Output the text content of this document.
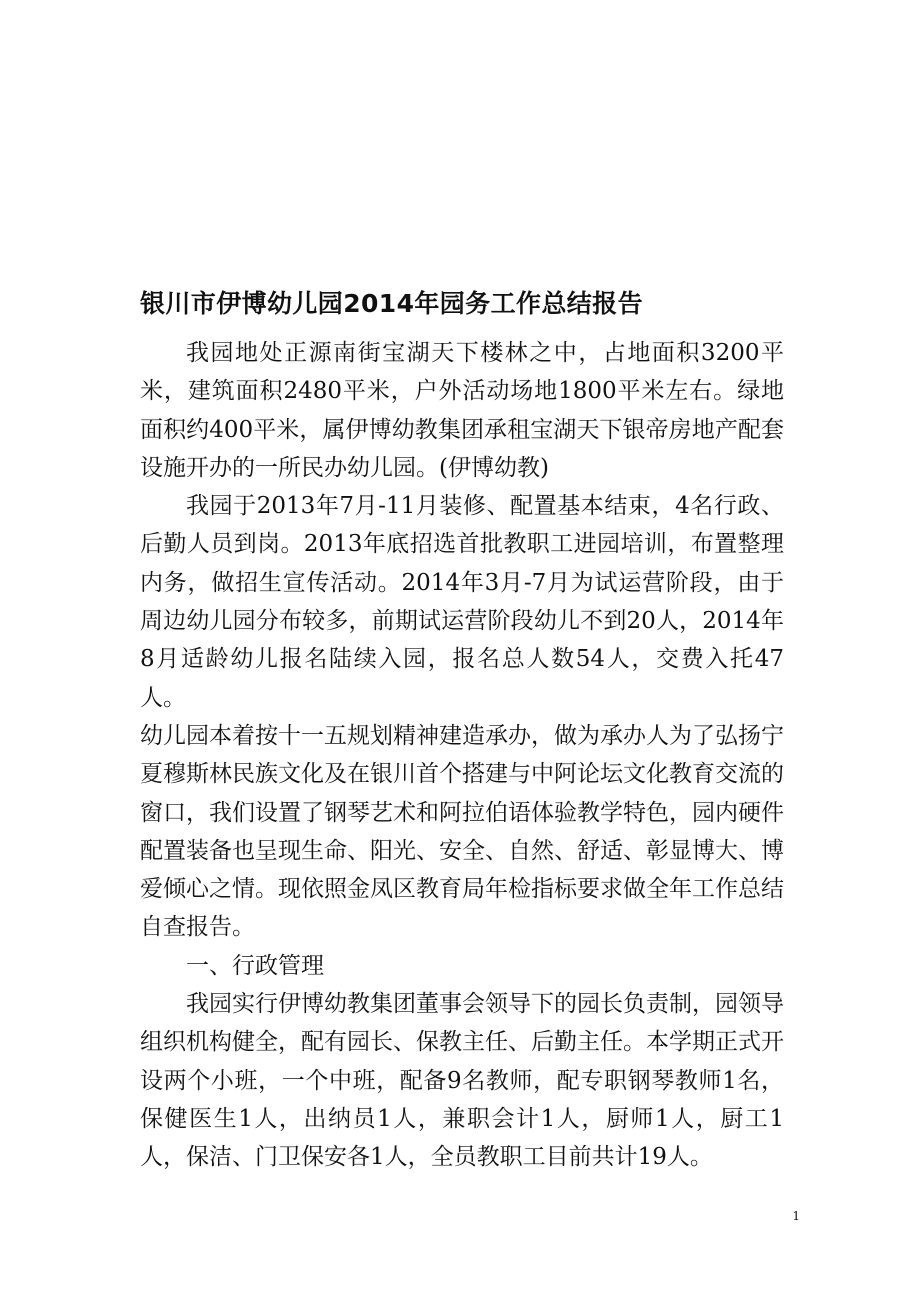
银川市伊博幼儿园2014年园务工作总结报告

我园地处正源南街宝湖天下楼林之中，占地面积3200平米，建筑面积2480平米，户外活动场地1800平米左右。绿地面积约400平米，属伊博幼教集团承租宝湖天下银帝房地产配套设施开办的一所民办幼儿园。(伊博幼教)

我园于2013年7月-11月装修、配置基本结束，4名行政、后勤人员到岗。2013年底招选首批教职工进园培训，布置整理内务，做招生宣传活动。2014年3月-7月为试运营阶段，由于周边幼儿园分布较多，前期试运营阶段幼儿不到20人，2014年8月适龄幼儿报名陆续入园，报名总人数54人，交费入托47人。

幼儿园本着按十一五规划精神建造承办，做为承办人为了弘扬宁夏穆斯林民族文化及在银川首个搭建与中阿论坛文化教育交流的窗口，我们设置了钢琴艺术和阿拉伯语体验教学特色，园内硬件配置装备也呈现生命、阳光、安全、自然、舒适、彰显博大、博爱倾心之情。现依照金凤区教育局年检指标要求做全年工作总结自查报告。

一、行政管理

我园实行伊博幼教集团董事会领导下的园长负责制，园领导组织机构健全，配有园长、保教主任、后勤主任。本学期正式开设两个小班，一个中班，配备9名教师，配专职钢琴教师1名，保健医生1人，出纳员1人，兼职会计1人，厨师1人，厨工1人，保洁、门卫保安各1人，全员教职工目前共计19人。

1
